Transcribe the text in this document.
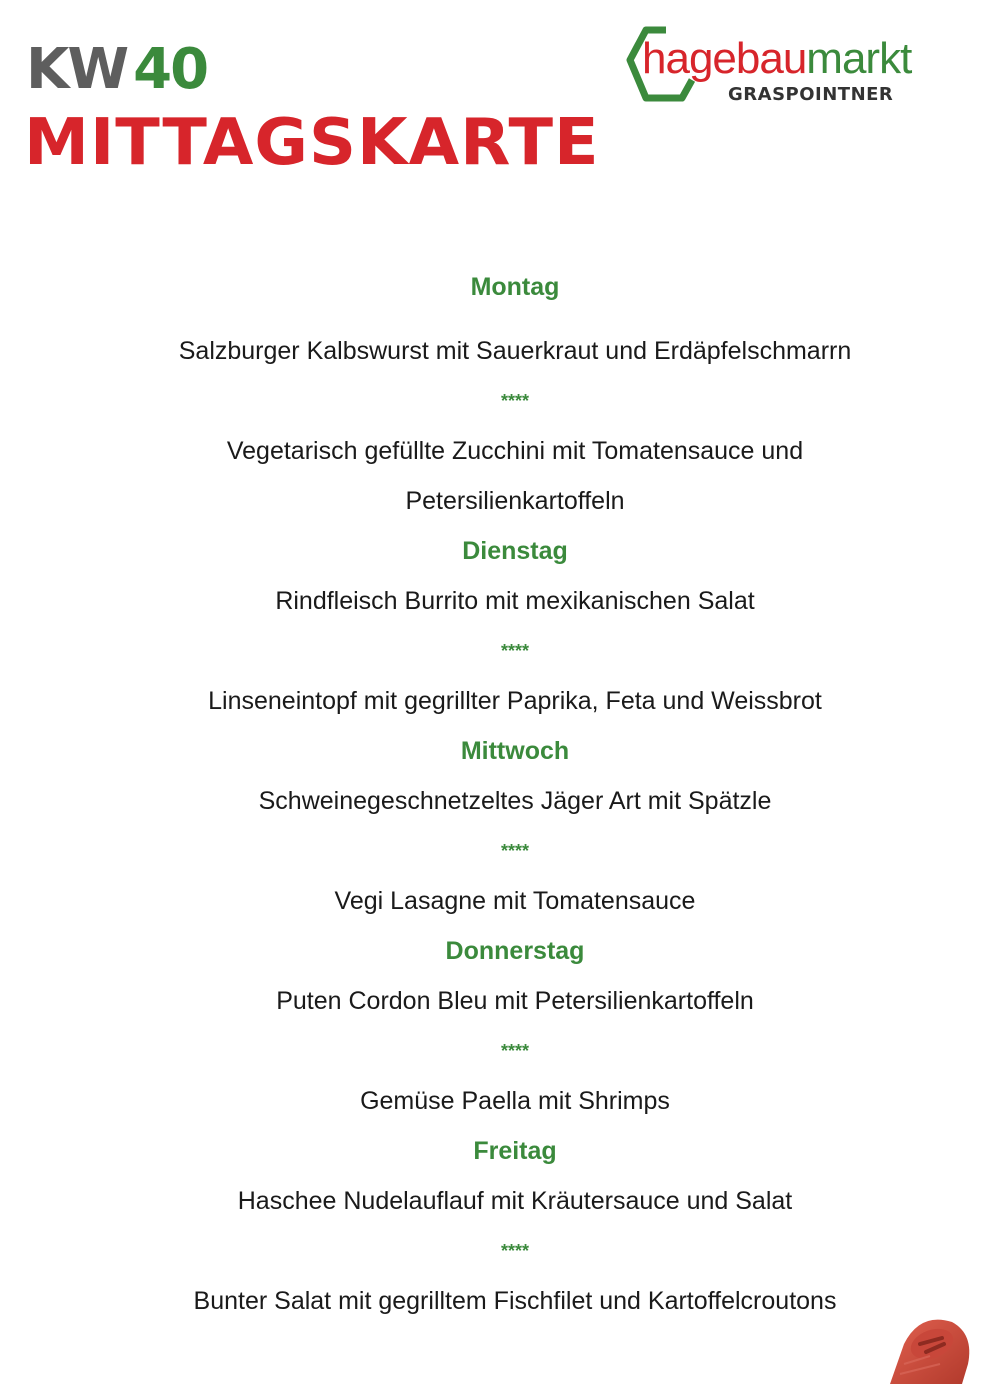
KW 40
MITTAGSKARTE
hagebaumarkt
GRASPOINTNER
Montag
Salzburger Kalbswurst mit Sauerkraut und Erdäpfelschmarrn
****
Vegetarisch gefüllte Zucchini mit Tomatensauce und
Petersilienkartoffeln
Dienstag
Rindfleisch Burrito mit mexikanischen Salat
****
Linseneintopf mit gegrillter Paprika, Feta und Weissbrot
Mittwoch
Schweinegeschnetzeltes Jäger Art mit Spätzle
****
Vegi Lasagne mit Tomatensauce
Donnerstag
Puten Cordon Bleu mit Petersilienkartoffeln
****
Gemüse Paella mit Shrimps
Freitag
Haschee Nudelauflauf mit Kräutersauce und Salat
****
Bunter Salat mit gegrilltem Fischfilet und Kartoffelcroutons
